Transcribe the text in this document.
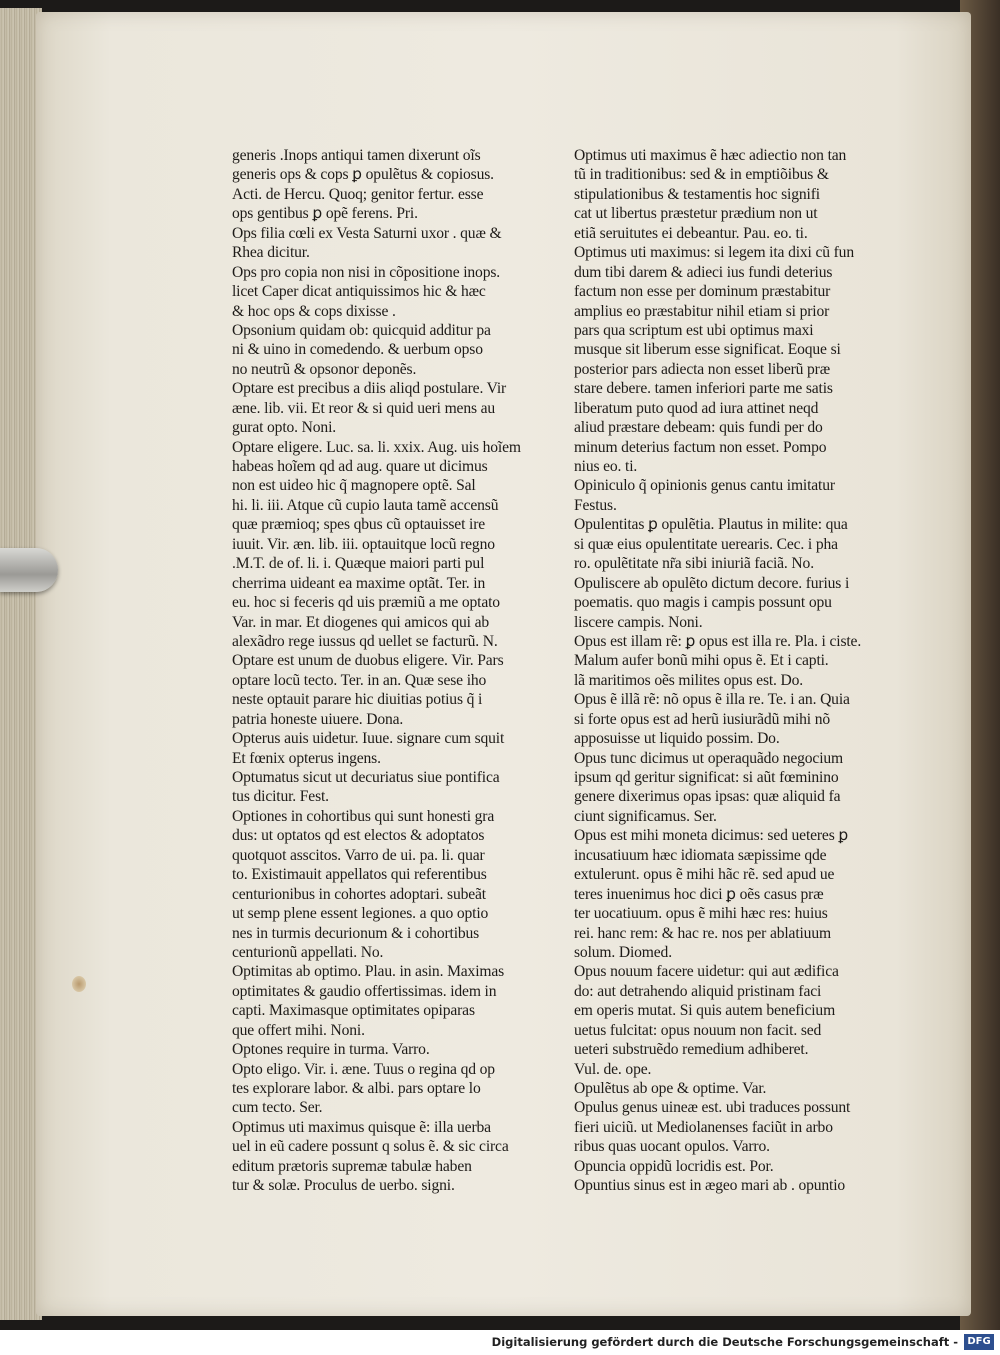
generis .Inops antiqui tamen dixerunt oĩs
generis ops & cops ꝑ opulẽtus & copiosus.
Acti. de Hercu. Quoq; genitor fertur. esse
ops gentibus ꝑ opẽ ferens. Pri.
Ops filia cœli ex Vesta Saturni uxor . quæ &
Rhea dicitur.
Ops pro copia non nisi in cõpositione inops.
licet Caper dicat antiquissimos hic & hæc
& hoc ops & cops dixisse .
Opsonium quidam ob: quicquid additur pa
ni & uino in comedendo. & uerbum opso
no neutrũ & opsonor deponẽs.
Optare est precibus a diis aliqd postulare. Vir
æne. lib. vii. Et reor & si quid ueri mens au
gurat opto. Noni.
Optare eligere. Luc. sa. li. xxix. Aug. uis hoĩem
habeas hoĩem qd ad aug. quare ut dicimus
non est uideo hic q̃ magnopere optẽ. Sal
hi. li. iii. Atque cũ cupio lauta tamẽ accensũ
quæ præmioq; spes qbus cũ optauisset ire
iuuit. Vir. æn. lib. iii. optauitque locũ regno
.M.T. de of. li. i. Quæque maiori parti pul
cherrima uideant ea maxime optãt. Ter. in
eu. hoc si feceris qd uis præmiũ a me optato
Var. in mar. Et diogenes qui amicos qui ab
alexãdro rege iussus qd uellet se facturũ. N.
Optare est unum de duobus eligere. Vir. Pars
optare locũ tecto. Ter. in an. Quæ sese iho
neste optauit parare hic diuitias potius q̃ i
patria honeste uiuere. Dona.
Opterus auis uidetur. Iuue. signare cum squit
Et fœnix opterus ingens.
Optumatus sicut ut decuriatus siue pontifica
tus dicitur. Fest.
Optiones in cohortibus qui sunt honesti gra
dus: ut optatos qd est electos & adoptatos
quotquot asscitos. Varro de ui. pa. li. quar
to. Existimauit appellatos qui referentibus
centurionibus in cohortes adoptari. subeãt
ut semp plene essent legiones. a quo optio
nes in turmis decurionum & i cohortibus
centurionũ appellati. No.
Optimitas ab optimo. Plau. in asin. Maximas
optimitates & gaudio offertissimas. idem in
capti. Maximasque optimitates opiparas
que offert mihi. Noni.
Optones require in turma. Varro.
Opto eligo. Vir. i. æne. Tuus o regina qd op
tes explorare labor. & albi. pars optare lo
cum tecto. Ser.
Optimus uti maximus quisque ẽ: illa uerba
uel in eũ cadere possunt q solus ẽ. & sic circa
editum prætoris supremæ tabulæ haben
tur & solæ. Proculus de uerbo. signi.
Optimus uti maximus ẽ hæc adiectio non tan
tũ in traditionibus: sed & in emptiõibus &
stipulationibus & testamentis hoc signifi
cat ut libertus præstetur prædium non ut
etiã seruitutes ei debeantur. Pau. eo. ti.
Optimus uti maximus: si legem ita dixi cũ fun
dum tibi darem & adieci ius fundi deterius
factum non esse per dominum præstabitur
amplius eo præstabitur nihil etiam si prior
pars qua scriptum est ubi optimus maxi
musque sit liberum esse significat. Eoque si
posterior pars adiecta non esset liberũ præ
stare debere. tamen inferiori parte me satis
liberatum puto quod ad iura attinet neqd
aliud præstare debeam: quis fundi per do
minum deterius factum non esset. Pompo
nius eo. ti.
Opiniculo q̃ opinionis genus cantu imitatur
Festus.
Opulentitas ꝑ opulẽtia. Plautus in milite: qua
si quæ eius opulentitate uerearis. Cec. i pha
ro. opulẽtitate nr̃a sibi iniuriã faciã. No.
Opuliscere ab opulẽto dictum decore. furius i
poematis. quo magis i campis possunt opu
liscere campis. Noni.
Opus est illam rẽ: ꝑ opus est illa re. Pla. i ciste.
Malum aufer bonũ mihi opus ẽ. Et i capti.
lã maritimos oẽs milites opus est. Do.
Opus ẽ illã rẽ: nõ opus ẽ illa re. Te. i an. Quia
si forte opus est ad herũ iusiurãdũ mihi nõ
apposuisse ut liquido possim. Do.
Opus tunc dicimus ut operaquãdo negocium
ipsum qd geritur significat: si aũt fœminino
genere dixerimus opas ipsas: quæ aliquid fa
ciunt significamus. Ser.
Opus est mihi moneta dicimus: sed ueteres ꝑ
incusatiuum hæc idiomata sæpissime qde
extulerunt. opus ẽ mihi hãc rẽ. sed apud ue
teres inuenimus hoc dici ꝑ oẽs casus præ
ter uocatiuum. opus ẽ mihi hæc res: huius
rei. hanc rem: & hac re. nos per ablatiuum
solum. Diomed.
Opus nouum facere uidetur: qui aut ædifica
do: aut detrahendo aliquid pristinam faci
em operis mutat. Si quis autem beneficium
uetus fulcitat: opus nouum non facit. sed
ueteri substruẽdo remedium adhiberet.
Vul. de. ope.
Opulẽtus ab ope & optime. Var.
Opulus genus uineæ est. ubi traduces possunt
fieri uiciũ. ut Mediolanenses faciũt in arbo
ribus quas uocant opulos. Varro.
Opuncia oppidũ locridis est. Por.
Opuntius sinus est in ægeo mari ab . opuntio
Digitalisierung gefördert durch die Deutsche Forschungsgemeinschaft - DFG
